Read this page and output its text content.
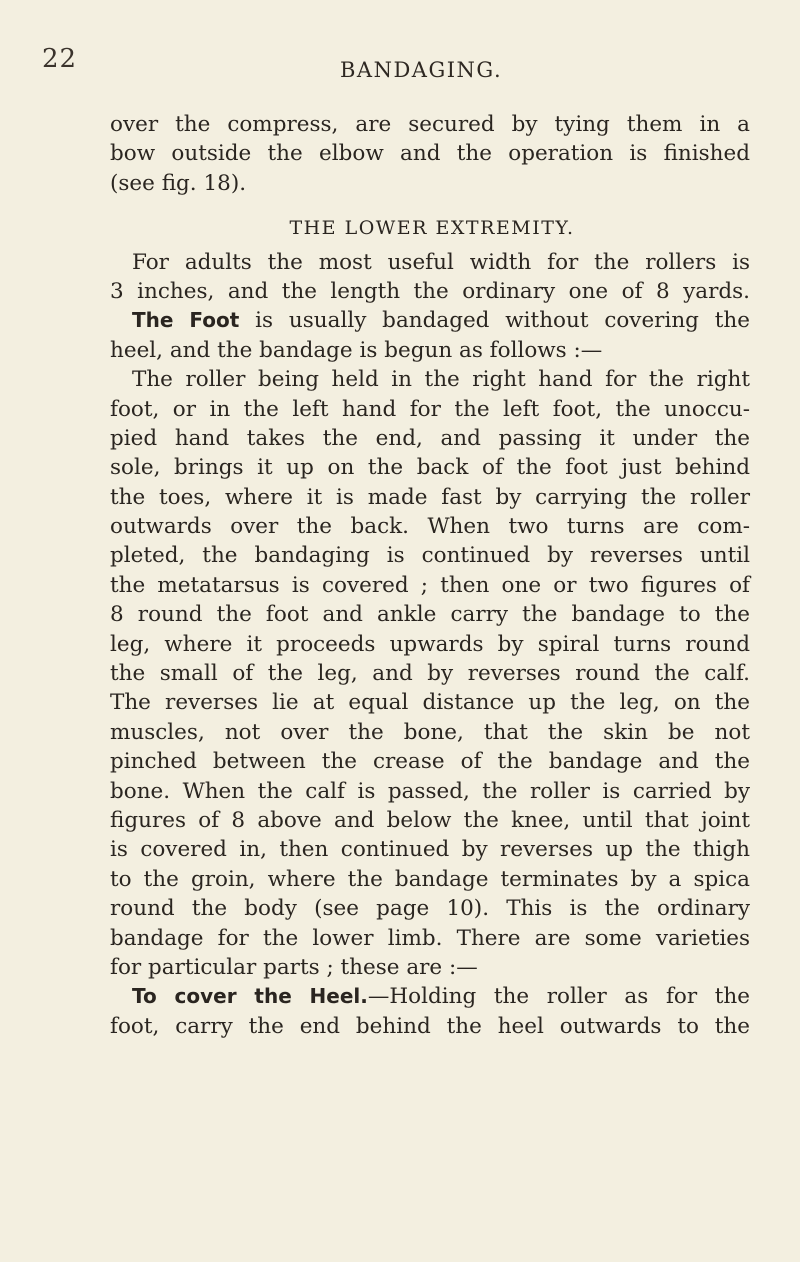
22	BANDAGING.
over the compress, are secured by tying them in a
bow outside the elbow and the operation is finished
(see fig. 18).
THE LOWER EXTREMITY.
For adults the most useful width for the rollers is
3 inches, and the length the ordinary one of 8 yards.
The Foot is usually bandaged without covering the
heel, and the bandage is begun as follows :—
The roller being held in the right hand for the right
foot, or in the left hand for the left foot, the unoccu-
pied hand takes the end, and passing it under the
sole, brings it up on the back of the foot just behind
the toes, where it is made fast by carrying the roller
outwards over the back. When two turns are com-
pleted, the bandaging is continued by reverses until
the metatarsus is covered ; then one or two figures of
8 round the foot and ankle carry the bandage to the
leg, where it proceeds upwards by spiral turns round
the small of the leg, and by reverses round the calf.
The reverses lie at equal distance up the leg, on the
muscles, not over the bone, that the skin be not
pinched between the crease of the bandage and the
bone. When the calf is passed, the roller is carried by
figures of 8 above and below the knee, until that joint
is covered in, then continued by reverses up the thigh
to the groin, where the bandage terminates by a spica
round the body (see page 10). This is the ordinary
bandage for the lower limb. There are some varieties
for particular parts ; these are :—
To cover the Heel.—Holding the roller as for the
foot, carry the end behind the heel outwards to the
